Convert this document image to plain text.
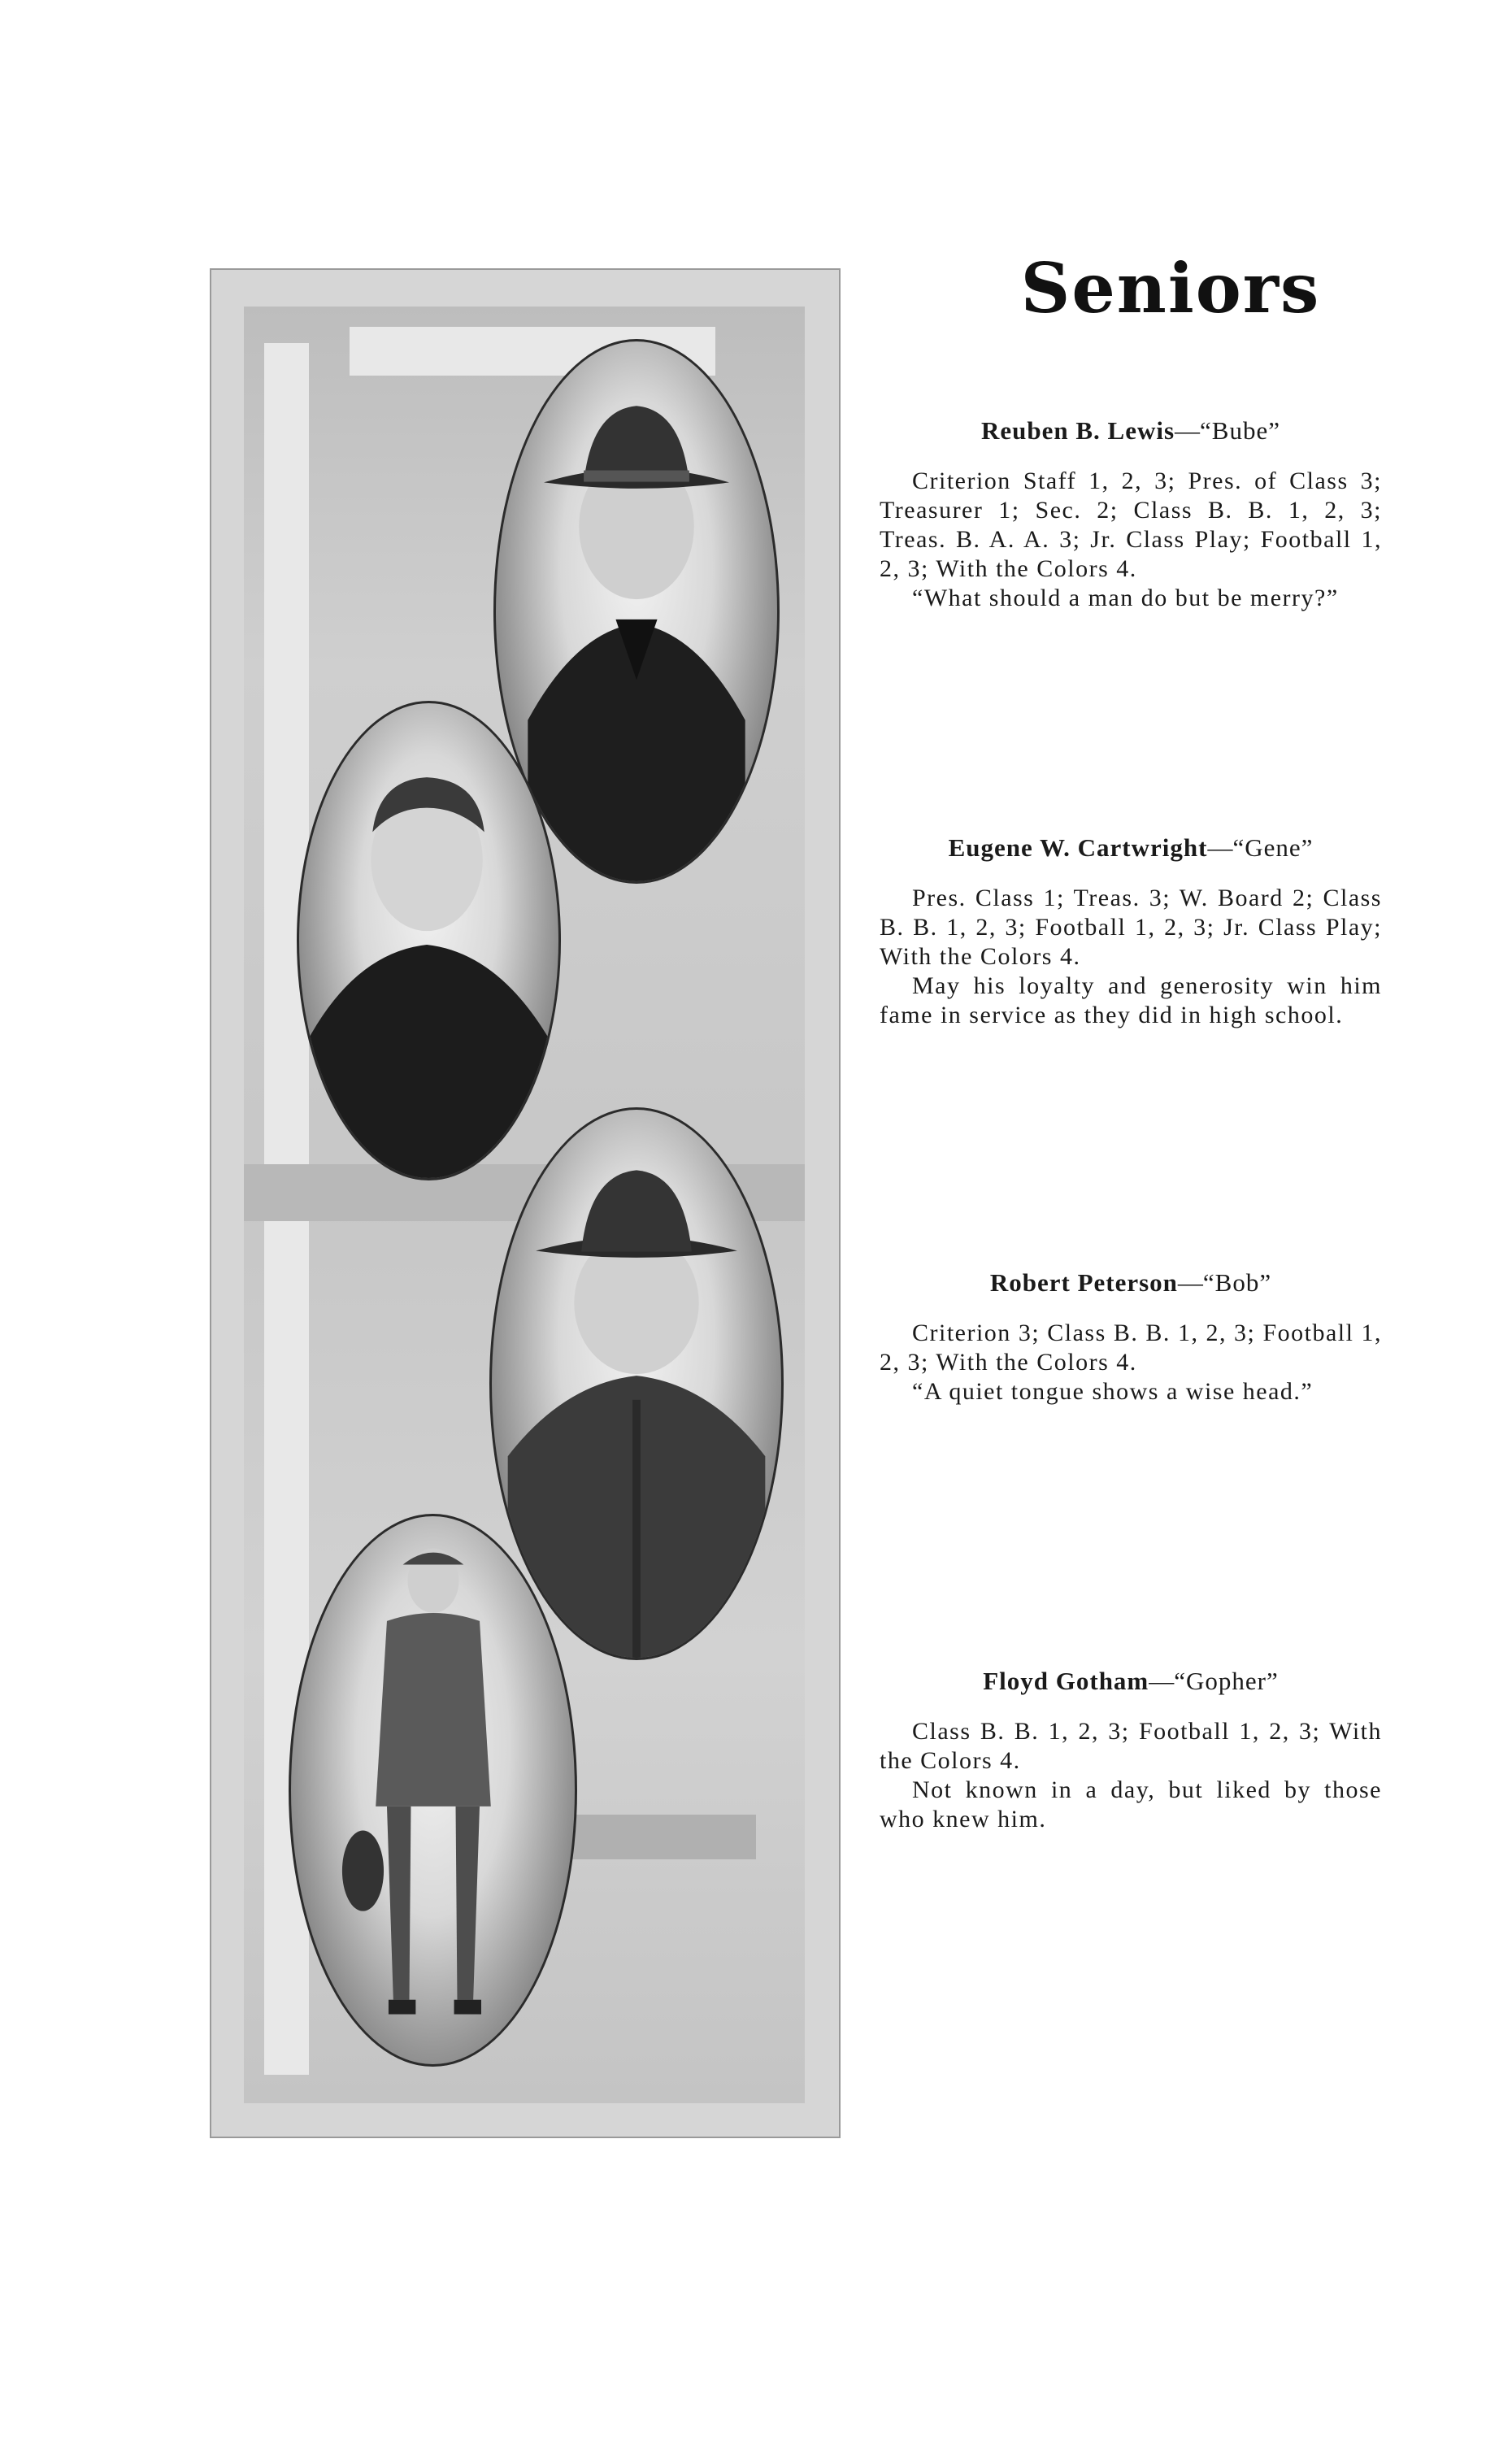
Seniors

Reuben B. Lewis—“Bube”

Criterion Staff 1, 2, 3; Pres. of Class 3; Treasurer 1; Sec. 2; Class B. B. 1, 2, 3; Treas. B. A. A. 3; Jr. Class Play; Football 1, 2, 3; With the Colors 4.

“What should a man do but be merry?”

Eugene W. Cartwright—“Gene”

Pres. Class 1; Treas. 3; W. Board 2; Class B. B. 1, 2, 3; Football 1, 2, 3; Jr. Class Play; With the Colors 4.

May his loyalty and generosity win him fame in service as they did in high school.

Robert Peterson—“Bob”

Criterion 3; Class B. B. 1, 2, 3; Football 1, 2, 3; With the Colors 4.

“A quiet tongue shows a wise head.”

Floyd Gotham—“Gopher”

Class B. B. 1, 2, 3; Football 1, 2, 3; With the Colors 4.

Not known in a day, but liked by those who knew him.
